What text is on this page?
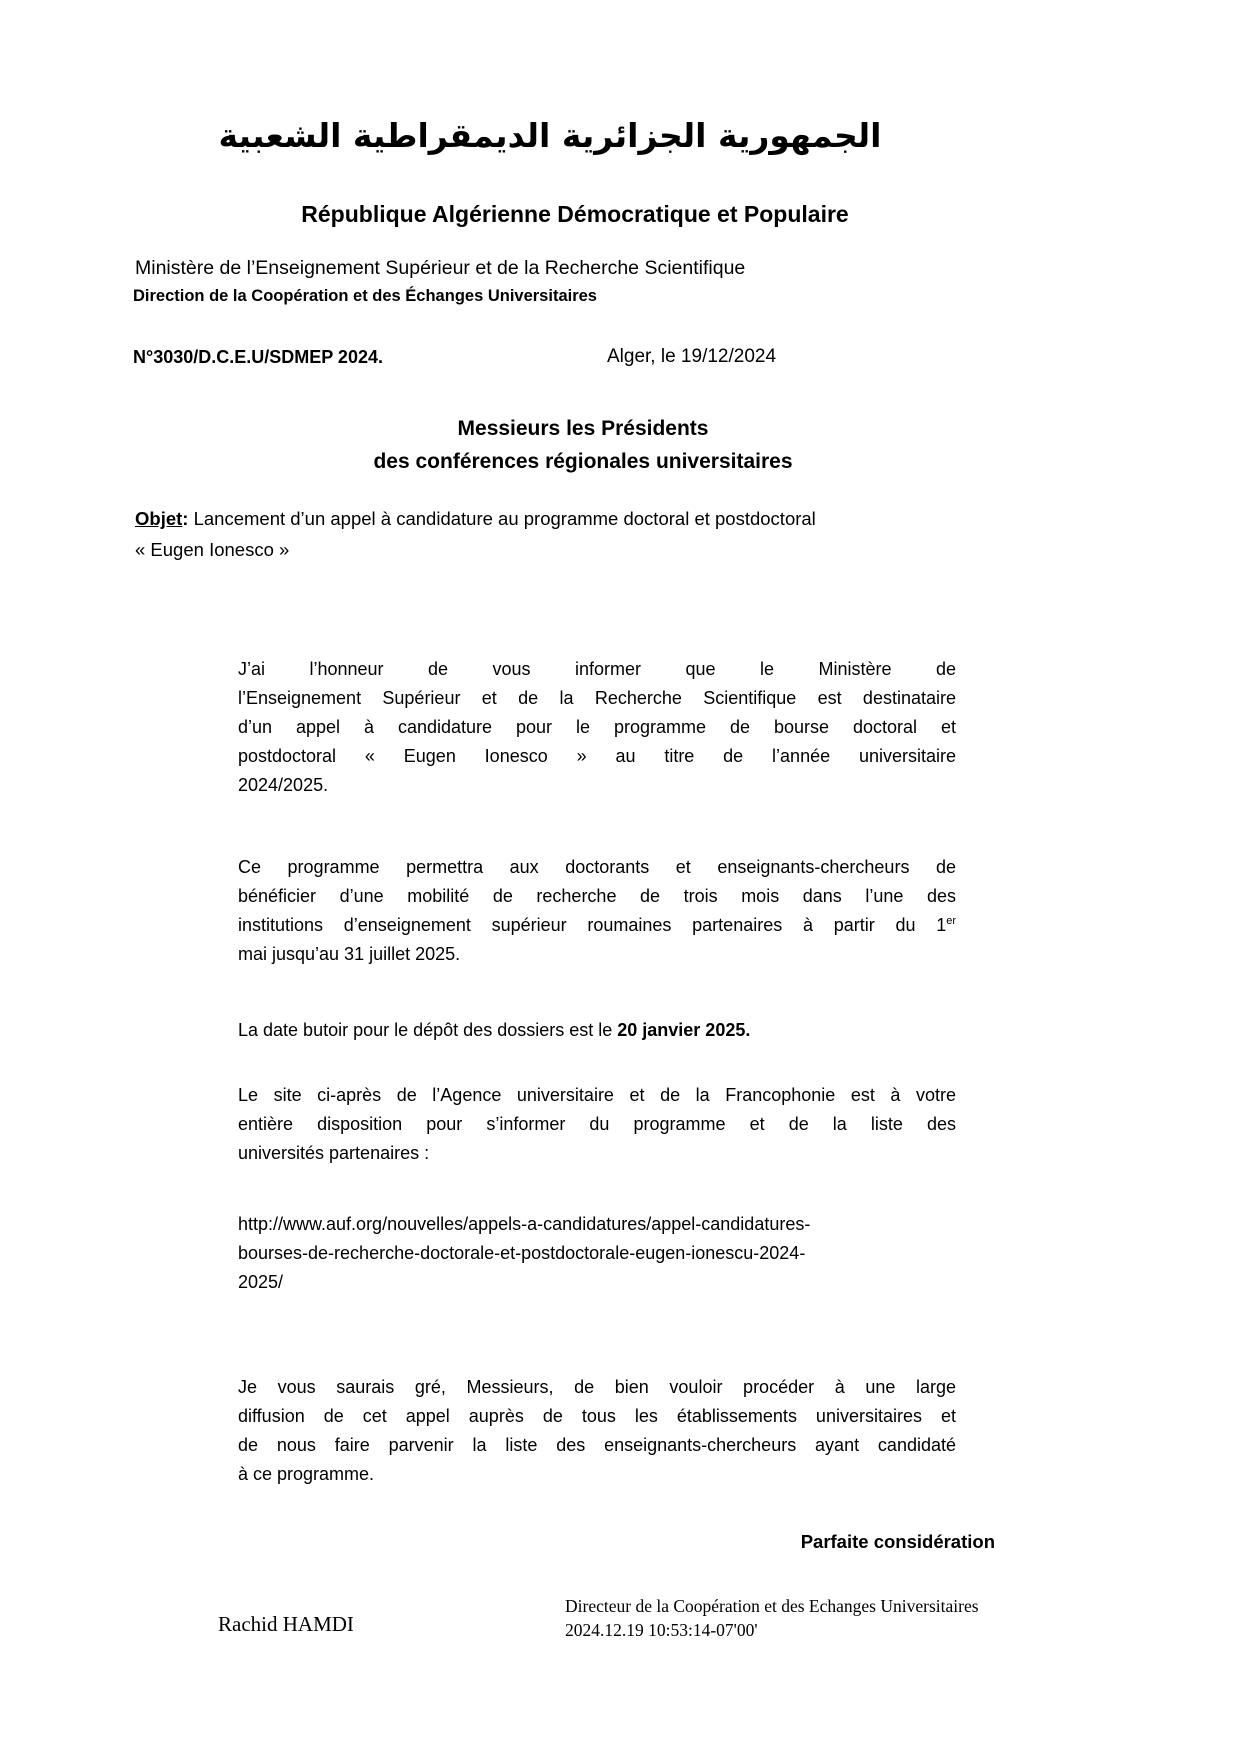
الجمهورية الجزائرية الديمقراطية الشعبية
République Algérienne Démocratique et Populaire
Ministère de l’Enseignement Supérieur et de la Recherche Scientifique
Direction de la Coopération et des Échanges Universitaires
N°3030/D.C.E.U/SDMEP 2024.	Alger, le 19/12/2024
Messieurs les Présidents
des conférences régionales universitaires
Objet: Lancement d’un appel à candidature au programme doctoral et postdoctoral
« Eugen Ionesco »
J’ai l’honneur de vous informer que le Ministère de
l’Enseignement Supérieur et de la Recherche Scientifique est destinataire
d’un appel à candidature pour le programme de bourse doctoral et
postdoctoral « Eugen Ionesco » au titre de l’année universitaire
2024/2025.
Ce programme permettra aux doctorants et enseignants-chercheurs de
bénéficier d’une mobilité de recherche de trois mois dans l’une des
institutions d’enseignement supérieur roumaines partenaires à partir du 1er
mai jusqu’au 31 juillet 2025.
La date butoir pour le dépôt des dossiers est le 20 janvier 2025.
Le site ci-après de l’Agence universitaire et de la Francophonie est à votre
entière disposition pour s’informer du programme et de la liste des
universités partenaires :
http://www.auf.org/nouvelles/appels-a-candidatures/appel-candidatures-
bourses-de-recherche-doctorale-et-postdoctorale-eugen-ionescu-2024-
2025/
Je vous saurais gré, Messieurs, de bien vouloir procéder à une large
diffusion de cet appel auprès de tous les établissements universitaires et
de nous faire parvenir la liste des enseignants-chercheurs ayant candidaté
à ce programme.
Parfaite considération
Rachid HAMDI
Directeur de la Coopération et des Echanges Universitaires
2024.12.19 10:53:14-07'00'
